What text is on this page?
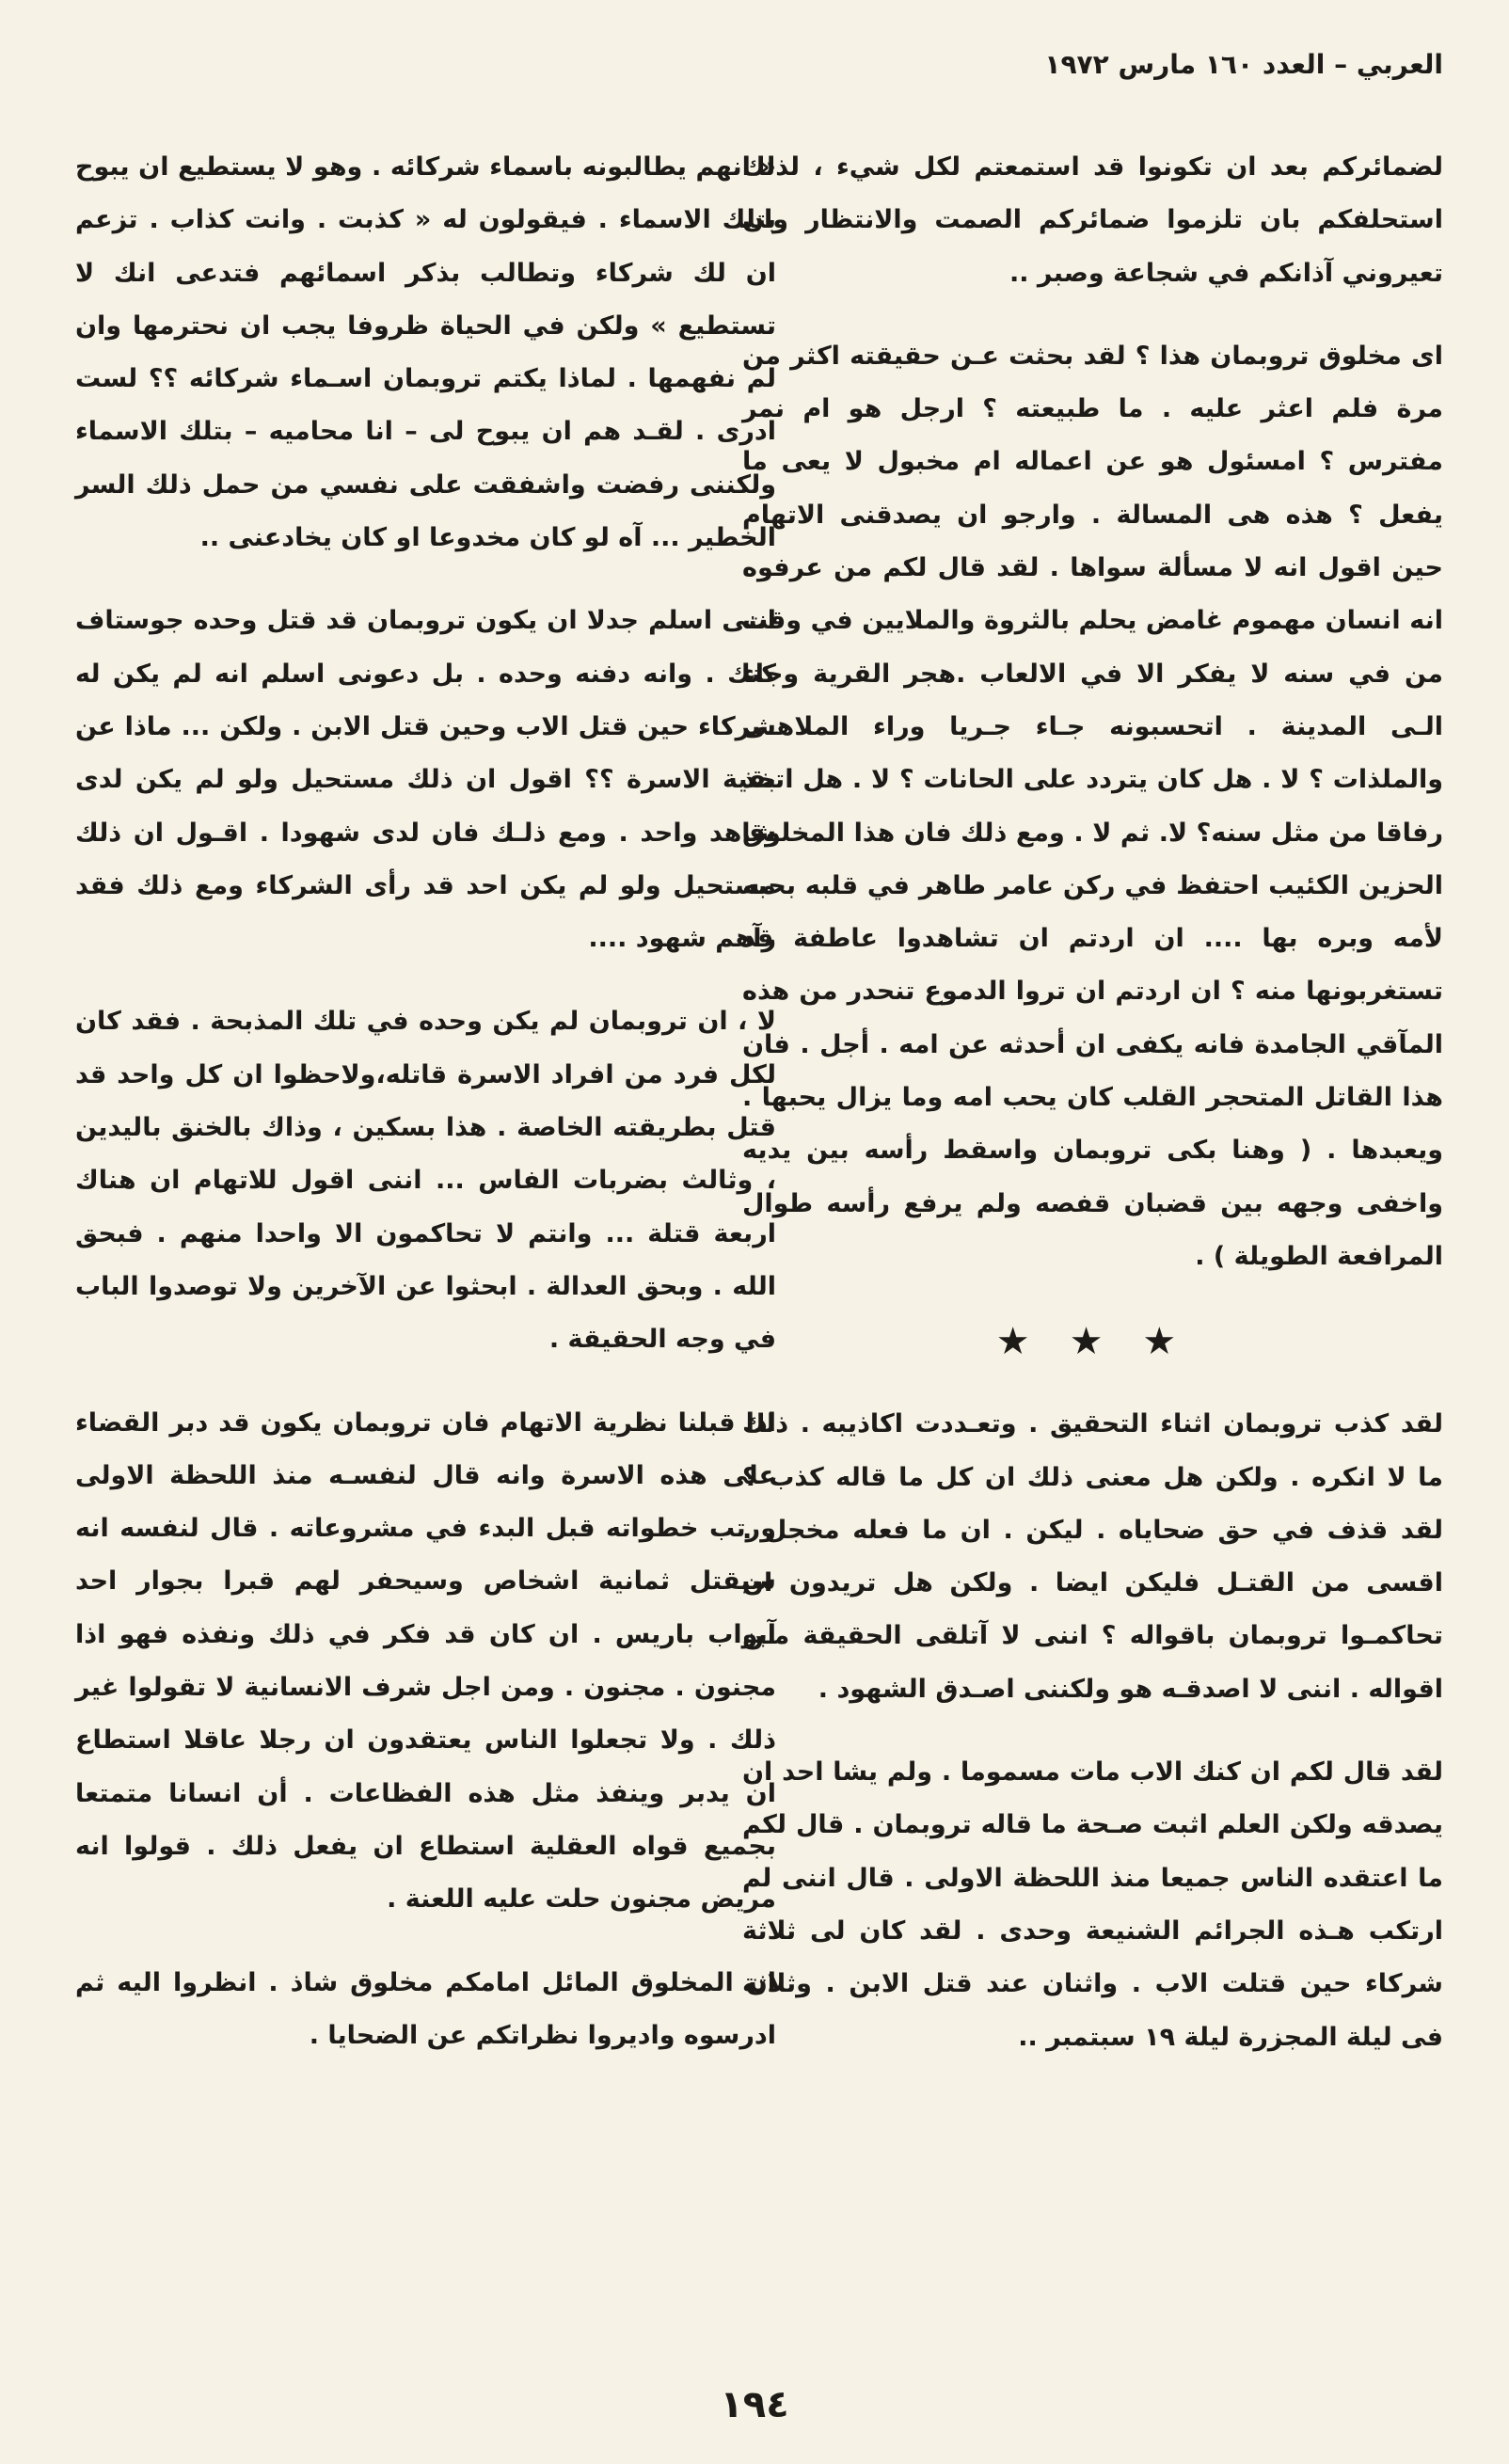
العربي – العدد ١٦٠ مارس ١٩٧٢

لضمائركم بعد ان تكونوا قد استمعتم لكل شيء ، لذلك استحلفكم بان تلزموا ضمائركم الصمت والانتظار وان تعيروني آذانكم في شجاعة وصبر ..

اى مخلوق تروبمان هذا ؟ لقد بحثت عـن حقيقته اكثر من مرة فلم اعثر عليه . ما طبيعته ؟ ارجل هو ام نمر مفترس ؟ امسئول هو عن اعماله ام مخبول لا يعى ما يفعل ؟ هذه هى المسالة . وارجو ان يصدقنى الاتهام حين اقول انه لا مسألة سواها . لقد قال لكم من عرفوه انه انسان مهموم غامض يحلم بالثروة والملايين في وقت من في سنه لا يفكر الا في الالعاب .هجر القرية وجاء الـى المدينة . اتحسبونه جـاء جـريا وراء الملاهـى والملذات ؟ لا . هل كان يتردد على الحانات ؟ لا . هل اتخذ رفاقا من مثل سنه؟ لا. ثم لا . ومع ذلك فان هذا المخلوق الحزين الكئيب احتفظ في ركن عامر طاهر في قلبه بحبه لأمه وبره بها .... ان اردتم ان تشاهدوا عاطفة قد تستغربونها منه ؟ ان اردتم ان تروا الدموع تنحدر من هذه المآقي الجامدة فانه يكفى ان أحدثه عن امه . أجل . فان هذا القاتل المتحجر القلب كان يحب امه وما يزال يحبها . ويعبدها . ( وهنا بكى تروبمان واسقط رأسه بين يديه واخفى وجهه بين قضبان قفصه ولم يرفع رأسه طوال المرافعة الطويلة ) .

★ ★ ★

لقد كذب تروبمان اثناء التحقيق . وتعـددت اكاذيبه . ذلك ما لا انكره . ولكن هل معنى ذلك ان كل ما قاله كذب ؟ لقد قذف في حق ضحاياه . ليكن . ان ما فعله مخجل . اقسى من القتـل فليكن ايضا . ولكن هل تريدون ان تحاكمـوا تروبمان باقواله ؟ اننى لا آتلقى الحقيقة مـن اقواله . اننى لا اصدقـه هو ولكننى اصـدق الشهود .

لقد قال لكم ان كنك الاب مات مسموما . ولم يشا احد ان يصدقه ولكن العلم اثبت صـحة ما قاله تروبمان . قال لكم ما اعتقده الناس جميعا منذ اللحظة الاولى . قال اننى لم ارتكب هـذه الجرائم الشنيعة وحدى . لقد كان لى ثلاثة شركاء حين قتلت الاب . واثنان عند قتل الابن . وثلاثة فى ليلة المجزرة ليلة ١٩ سبتمبر ..

« انهم يطالبونه باسماء شركائه . وهو لا يستطيع ان يبوح بتلك الاسماء . فيقولون له « كذبت . وانت كذاب . تزعم ان لك شركاء وتطالب بذكر اسمائهم فتدعى انك لا تستطيع » ولكن في الحياة ظروفا يجب ان نحترمها وان لم نفهمها . لماذا يكتم تروبمان اسـماء شركائه ؟؟ لست ادرى . لقـد هم ان يبوح لى – انا محاميه – بتلك الاسماء ولكننى رفضت واشفقت على نفسي من حمل ذلك السر الخطير ... آه لو كان مخدوعا او كان يخادعنى ..

اننى اسلم جدلا ان يكون تروبمان قد قتل وحده جوستاف كنك . وانه دفنه وحده . بل دعونى اسلم انه لم يكن له شركاء حين قتل الاب وحين قتل الابن . ولكن ... ماذا عن بقية الاسرة ؟؟ اقول ان ذلك مستحيل ولو لم يكن لدى شاهد واحد . ومع ذلـك فان لدى شهودا . اقـول ان ذلك مستحيل ولو لم يكن احد قد رأى الشركاء ومع ذلك فقد رآهم شهود ....

لا ، ان تروبمان لم يكن وحده في تلك المذبحة . فقد كان لكل فرد من افراد الاسرة قاتله،ولاحظوا ان كل واحد قد قتل بطريقته الخاصة . هذا بسكين ، وذاك بالخنق باليدين ، وثالث بضربات الفاس ... اننى اقول للاتهام ان هناك اربعة قتلة ... وانتم لا تحاكمون الا واحدا منهم . فبحق الله . وبحق العدالة . ابحثوا عن الآخرين ولا توصدوا الباب في وجه الحقيقة .

اذا قبلنا نظرية الاتهام فان تروبمان يكون قد دبر القضاء على هذه الاسرة وانه قال لنفسـه منذ اللحظة الاولى ورتب خطواته قبل البدء في مشروعاته . قال لنفسه انه سيقتل ثمانية اشخاص وسيحفر لهم قبرا بجوار احد آبواب باريس . ان كان قد فكر في ذلك ونفذه فهو اذا مجنون . مجنون . ومن اجل شرف الانسانية لا تقولوا غير ذلك . ولا تجعلوا الناس يعتقدون ان رجلا عاقلا استطاع ان يدبر وينفذ مثل هذه الفظاعات . أن انسانا متمتعا بجميع قواه العقلية استطاع ان يفعل ذلك . قولوا انه مريض مجنون حلت عليه اللعنة .

ان المخلوق المائل امامكم مخلوق شاذ . انظروا اليه ثم ادرسوه واديروا نظراتكم عن الضحايا .

١٩٤
